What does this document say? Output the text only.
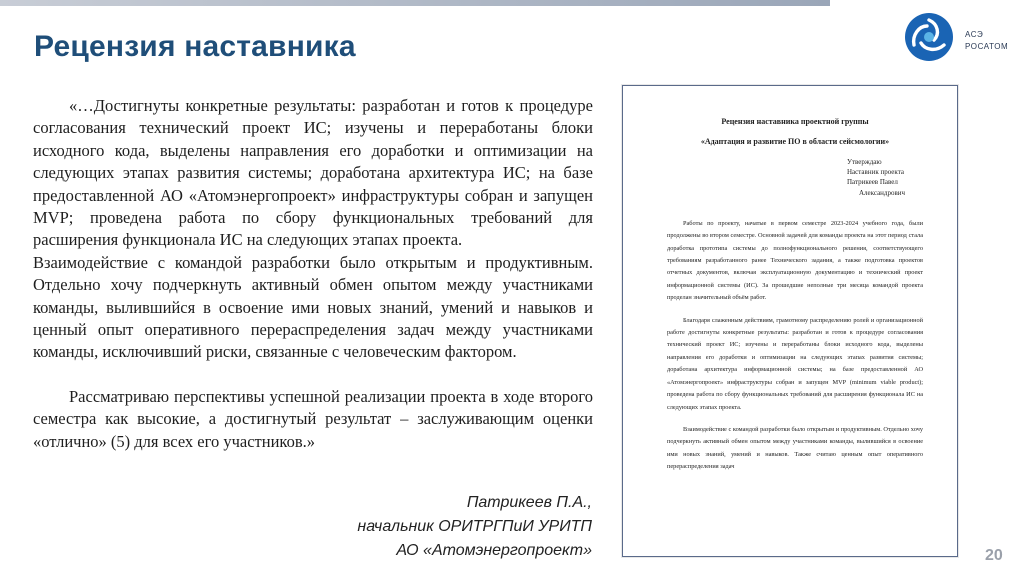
Рецензия наставника	АСЭ
РОСАТОМ

«…Достигнуты конкретные результаты: разработан и готов к процедуре согласования технический проект ИС; изучены и переработаны блоки исходного кода, выделены направления его доработки и оптимизации на следующих этапах развития системы; доработана архитектура ИС; на базе предоставленной АО «Атомэнергопроект» инфраструктуры собран и запущен MVP; проведена работа по сбору функциональных требований для расширения функционала ИС на следующих этапах проекта.

Взаимодействие с командой разработки было открытым и продуктивным. Отдельно хочу подчеркнуть активный обмен опытом между участниками команды, вылившийся в освоение ими новых знаний, умений и навыков и ценный опыт оперативного перераспределения задач между участниками команды, исключивший риски, связанные с человеческим фактором.

Рассматриваю перспективы успешной реализации проекта в ходе второго семестра как высокие, а достигнутый результат – заслуживающим оценки «отлично» (5) для всех его участников.»

Патрикеев П.А.,
начальник ОРИТРГПиИ УРИТП
АО «Атомэнергопроект»
Рецензия наставника проектной группы
«Адаптация и развитие ПО в области сейсмологии»
Утверждаю
Наставник проекта
Патрикеев Павел
Александрович

Работы по проекту, начатые в первом семестре 2023-2024 учебного года, были продолжены во втором семестре. Основной задачей для команды проекта на этот период стала доработка прототипа системы до полнофункционального решения, соответствующего требованиям разработанного ранее Технического задания, а также подготовка проектов отчетных документов, включая эксплуатационную документацию и технический проект информационной системы (ИС). За прошедшие неполные три месяца командой проекта проделан значительный объём работ.

Благодаря слаженным действиям, грамотному распределению ролей и организационной работе достигнуты конкретные результаты: разработан и готов к процедуре согласования технический проект ИС; изучены и переработаны блоки исходного кода, выделены направления его доработки и оптимизации на следующих этапах развития системы; доработана архитектура информационной системы; на базе предоставленной АО «Атомэнергопроект» инфраструктуры собран и запущен MVP (minimum viable product); проведена работа по сбору функциональных требований для расширения функционала ИС на следующих этапах проекта.

Взаимодействие с командой разработки было открытым и продуктивным. Отдельно хочу подчеркнуть активный обмен опытом между участниками команды, вылившийся в освоение ими новых знаний, умений и навыков. Также считаю ценным опыт оперативного перераспределения задач

20
